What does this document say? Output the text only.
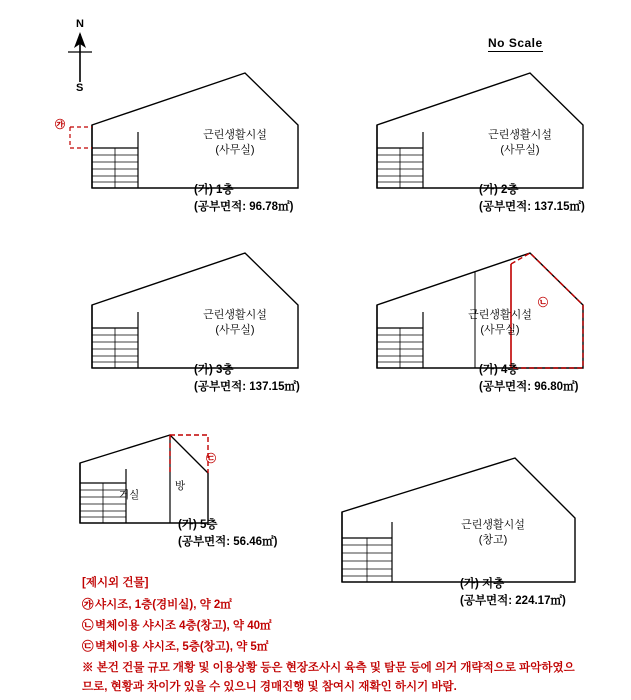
N
S
No Scale
근린생활시설
(사무실)
㉮
(가) 1층
(공부면적: 96.78㎡)
근린생활시설
(사무실)
(가) 2층
(공부면적: 137.15㎡)
근린생활시설
(사무실)
(가) 3층
(공부면적: 137.15㎡)
근린생활시설
(사무실)
㉡
(가) 4층
(공부면적: 96.80㎡)
거실
방
㉢
(가) 5층
(공부면적: 56.46㎡)
근린생활시설
(창고)
(가) 지층
(공부면적: 224.17㎡)
[제시외 건물]
㉮ 샤시조, 1층(경비실), 약 2㎡
㉡ 벽체이용 샤시조 4층(창고), 약 40㎡
㉢ 벽체이용 샤시조, 5층(창고), 약 5㎡
※ 본건 건물 규모 개황 및 이용상황 등은 현장조사시 육측 및 탐문 등에 의거 개략적으로 파악하였으므로, 현황과 차이가 있을 수 있으니 경매진행 및 참여시 재확인 하시기 바람.
